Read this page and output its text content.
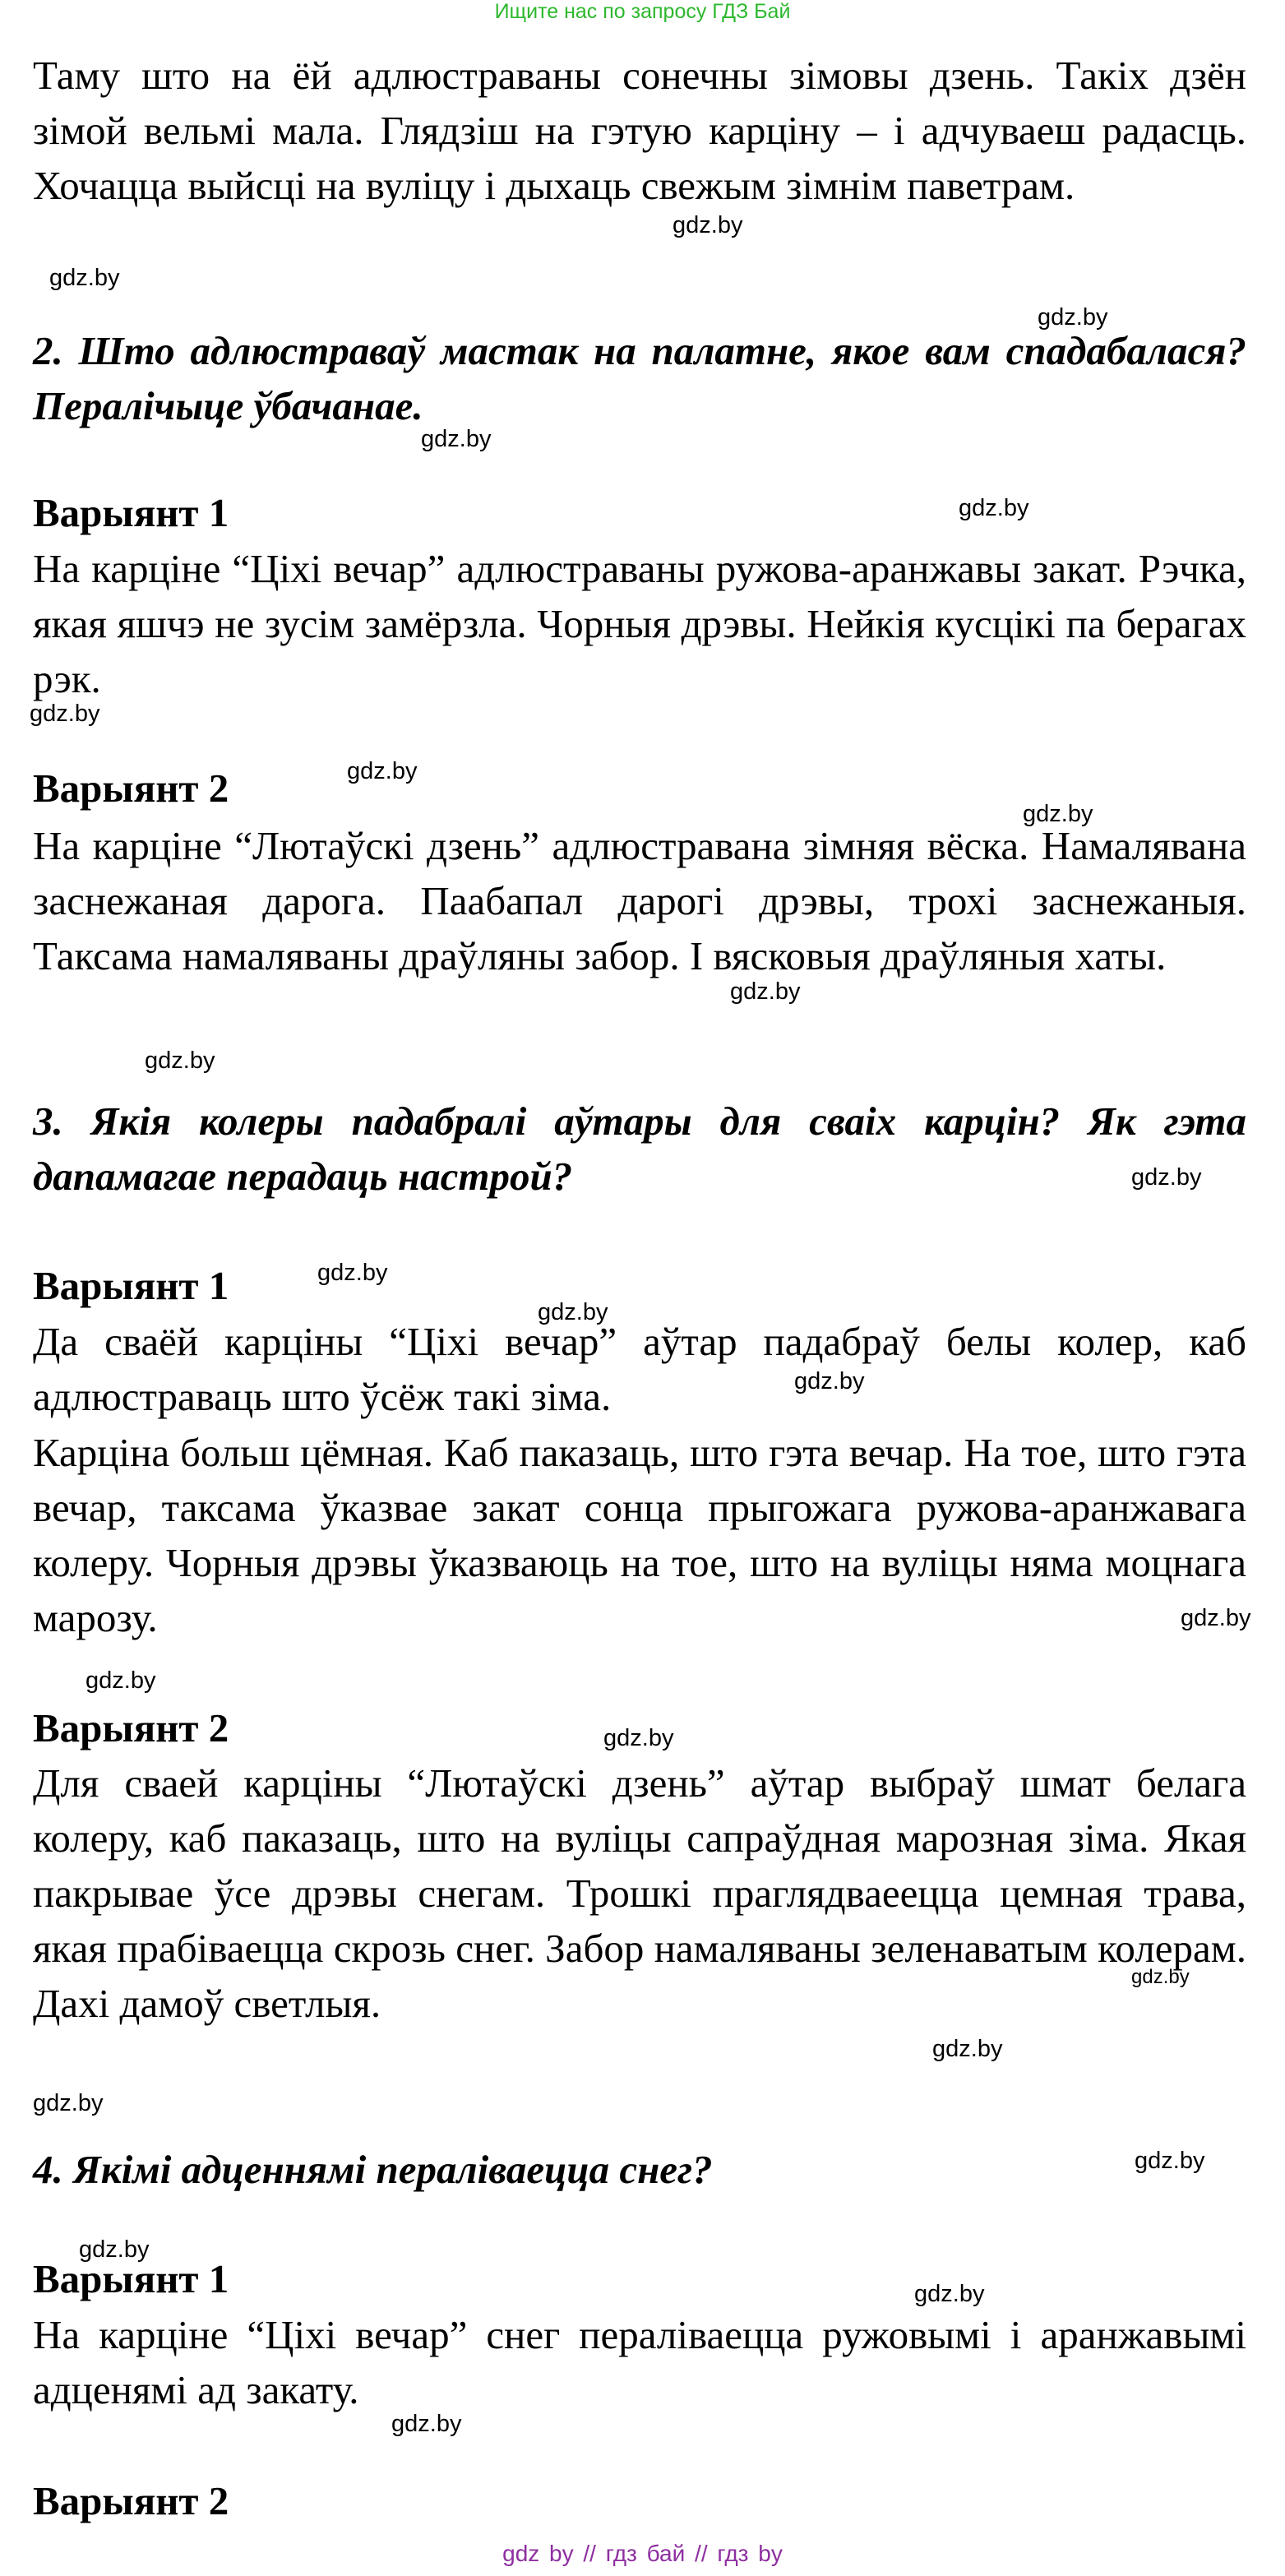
Ищите нас по запросу ГДЗ Бай

Таму што на ёй адлюстраваны сонечны зімовы дзень. Такіх дзён зімой вельмі мала. Глядзіш на гэтую карціну – і адчуваеш радасць. Хочацца выйсці на вуліцу і дыхаць свежым зімнім паветрам.

2. Што адлюстраваў мастак на палатне, якое вам спадабалася? Пералічыце ўбачанае.

Варыянт 1

На карціне “Ціхі вечар” адлюстраваны ружова-аранжавы закат. Рэчка, якая яшчэ не зусім замёрзла. Чорныя дрэвы. Нейкія кусцікі па берагах рэк.

Варыянт 2

На карціне “Лютаўскі дзень” адлюстравана зімняя вёска. Намалявана заснежаная дарога. Паабапал дарогі дрэвы, трохі заснежаныя. Таксама намаляваны драўляны забор. І вясковыя драўляныя хаты.

3. Якія колеры падабралі аўтары для сваіх карцін? Як гэта дапамагае перадаць настрой?

Варыянт 1

Да сваёй карціны “Ціхі вечар” аўтар падабраў белы колер, каб адлюстраваць што ўсёж такі зіма.

Карціна больш цёмная. Каб паказаць, што гэта вечар. На тое, што гэта вечар, таксама ўказвае закат сонца прыгожага ружова-аранжавага колеру. Чорныя дрэвы ўказваюць на тое, што на вуліцы няма моцнага марозу.

Варыянт 2

Для сваей карціны “Лютаўскі дзень” аўтар выбраў шмат белага колеру, каб паказаць, што на вуліцы сапраўдная марозная зіма. Якая пакрывае ўсе дрэвы снегам. Трошкі праглядваеецца цемная трава, якая прабіваецца скрозь снег. Забор намаляваны зеленаватым колерам. Дахі дамоў светлыя.

4. Якімі адценнямі пераліваецца снег?

Варыянт 1

На карціне “Ціхі вечар” снег пераліваецца ружовымі і аранжавымі адценямі ад закату.

Варыянт 2
gdz.by
gdz.by
gdz.by
gdz.by
gdz.by
gdz.by
gdz.by
gdz.by
gdz.by
gdz.by
gdz.by
gdz.by
gdz.by
gdz.by
gdz.by
gdz.by
gdz.by
gdz.by
gdz.by
gdz.by
gdz.by
gdz.by
gdz.by
gdz.by
gdz by // гдз бай // гдз by
